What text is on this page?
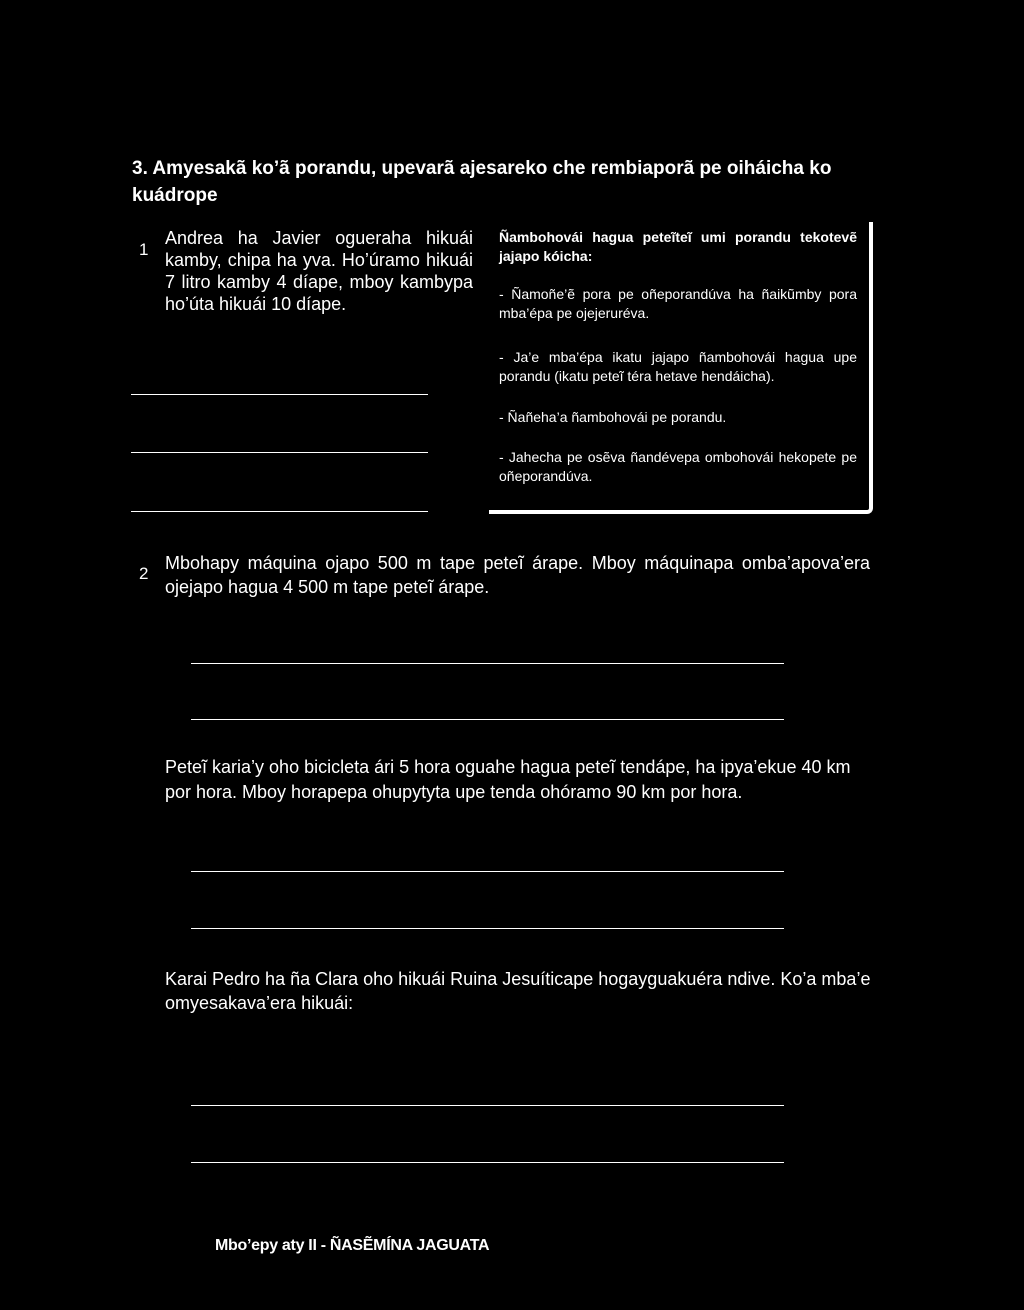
3. Amyesakã ko’ã porandu, upevarã ajesareko che rembiaporã pe oiháicha ko kuádrope
1
Andrea ha Javier ogueraha hikuái kamby, chipa ha yva. Ho’úramo hikuái 7 litro kamby 4 díape, mboy kambypa ho’úta hikuái 10 díape.
Ñambohovái hagua peteĩteĩ umi porandu tekotevẽ jajapo kóicha:
- Ñamoñe’ẽ pora pe oñeporandúva ha ñaikũmby pora mba’épa pe ojejeruréva.
- Ja’e mba’épa ikatu jajapo ñambohovái hagua upe porandu (ikatu peteĩ téra hetave hendáicha).
- Ñañeha’a ñambohovái pe porandu.
- Jahecha pe osẽva ñandévepa ombohovái hekopete pe oñeporandúva.
2
Mbohapy máquina ojapo 500 m tape peteĩ árape. Mboy máquinapa omba’apova’era ojejapo hagua 4 500 m tape peteĩ árape.
Peteĩ karia’y oho bicicleta ári 5 hora oguahe hagua peteĩ tendápe, ha ipya’ekue 40 km por hora. Mboy horapepa ohupytyta upe tenda ohóramo 90 km por hora.
Karai Pedro ha ña Clara oho hikuái Ruina Jesuíticape hogayguakuéra ndive. Ko’a mba’e omyesakava’era hikuái:
Mbo’epy aty II - ÑASẼMÍNA JAGUATA
